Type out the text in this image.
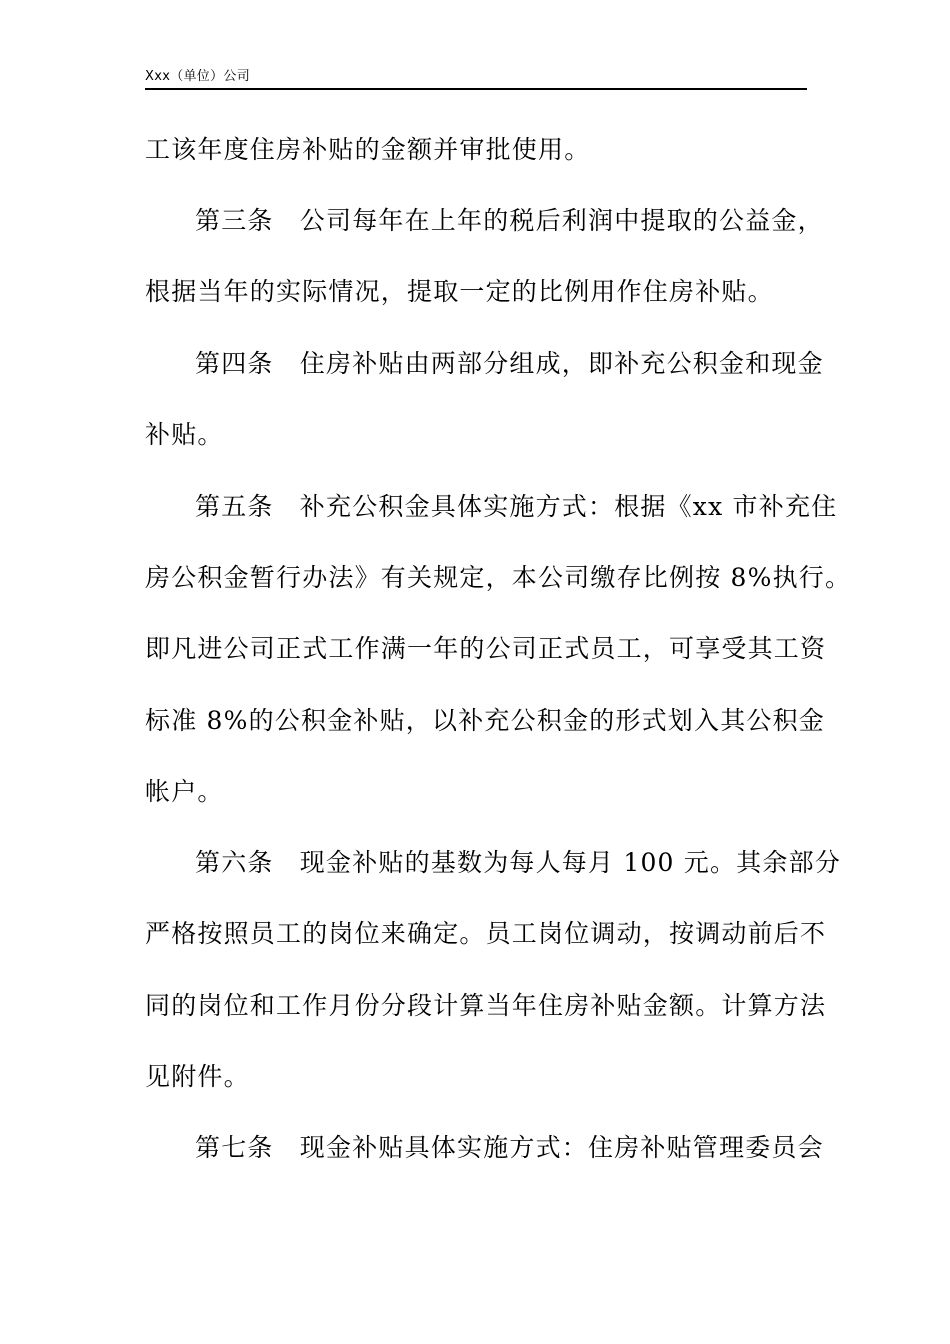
Xxx（单位）公司
工该年度住房补贴的金额并审批使用。
第三条　公司每年在上年的税后利润中提取的公益金，
根据当年的实际情况，提取一定的比例用作住房补贴。
第四条　住房补贴由两部分组成，即补充公积金和现金
补贴。
第五条　补充公积金具体实施方式：根据《xx 市补充住
房公积金暂行办法》有关规定，本公司缴存比例按 8%执行。
即凡进公司正式工作满一年的公司正式员工，可享受其工资
标准 8%的公积金补贴，以补充公积金的形式划入其公积金
帐户。
第六条　现金补贴的基数为每人每月 100 元。其余部分
严格按照员工的岗位来确定。员工岗位调动，按调动前后不
同的岗位和工作月份分段计算当年住房补贴金额。计算方法
见附件。
第七条　现金补贴具体实施方式：住房补贴管理委员会
